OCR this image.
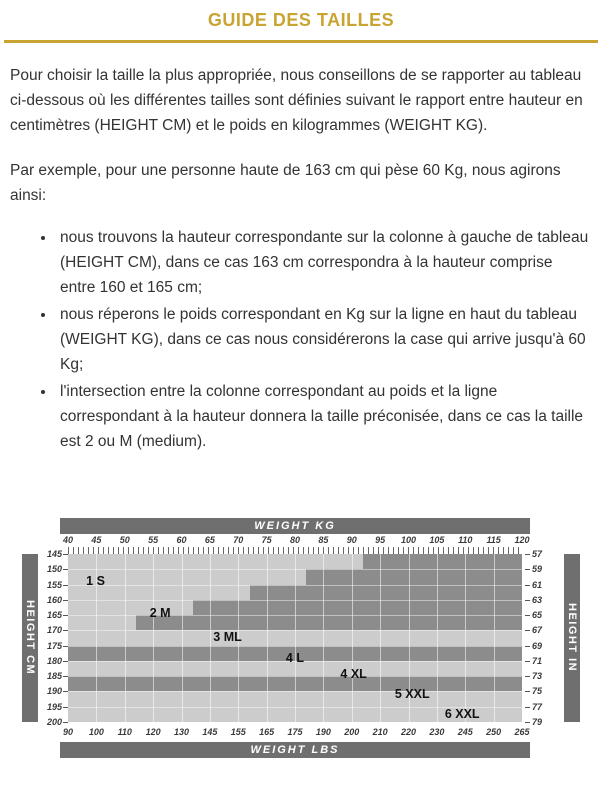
GUIDE DES TAILLES

Pour choisir la taille la plus appropriée, nous conseillons de se rapporter au tableau ci-dessous où les différentes tailles sont définies suivant le rapport entre hauteur en centimètres (HEIGHT CM) et le poids en kilogrammes (WEIGHT KG).

Par exemple, pour une personne haute de 163 cm qui pèse 60 Kg, nous agirons ainsi:

• nous trouvons la hauteur correspondante sur la colonne à gauche de tableau (HEIGHT CM), dans ce cas 163 cm correspondra à la hauteur comprise entre 160 et 165 cm;
• nous réperons le poids correspondant en Kg sur la ligne en haut du tableau (WEIGHT KG), dans ce cas nous considérerons la case qui arrive jusqu'à 60 Kg;
• l'intersection entre la colonne correspondant au poids et la ligne correspondant à la hauteur donnera la taille préconisée, dans ce cas la taille est 2 ou M (medium).
WEIGHT KG
HEIGHT CM	HEIGHT IN
WEIGHT LBS
40 45 50 55 60 65 70 75 80 85 90 95 100 105 110 115 120
90 100 110 120 130 145 155 165 175 190 200 210 220 230 245 250 265
145
150
155
160
165
170
175
180
185
190
195
200
57
59
61
63
65
67
69
71
73
75
77
79
1 S
2 M
3 ML
4 L
4 XL
5 XXL
6 XXL
